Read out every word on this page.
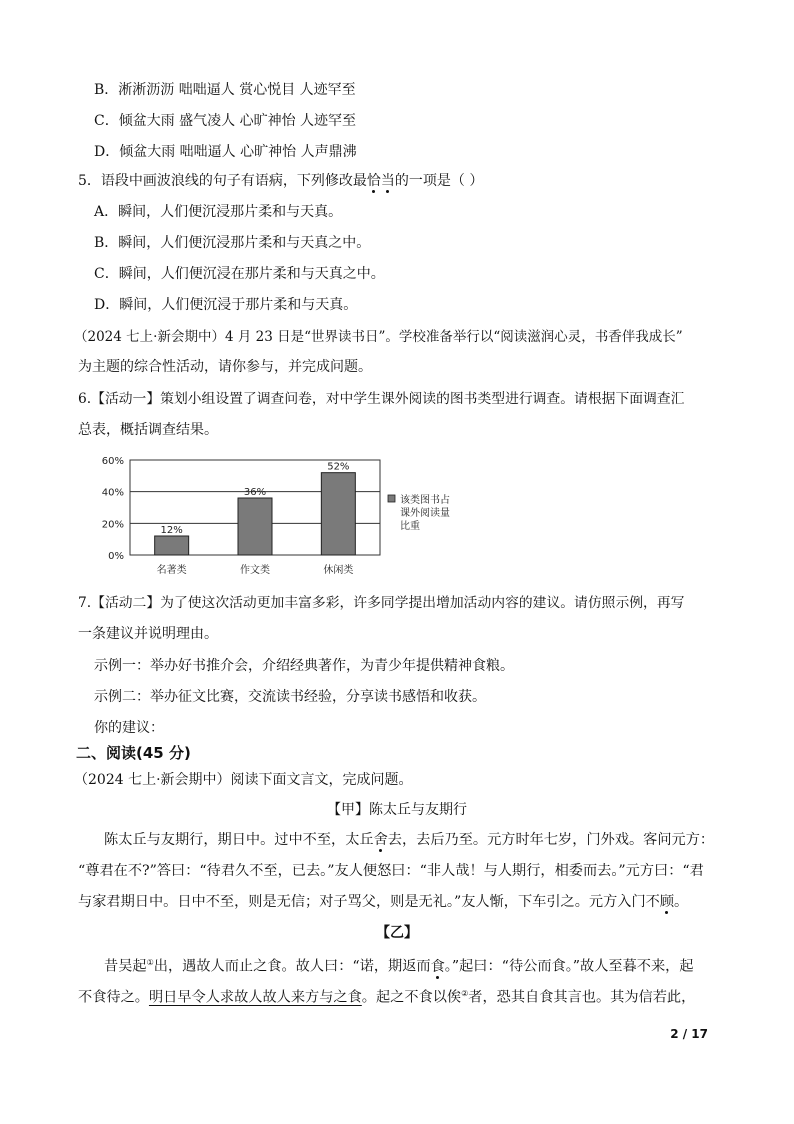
B．淅淅沥沥 咄咄逼人 赏心悦目 人迹罕至
C．倾盆大雨 盛气凌人 心旷神怡 人迹罕至
D．倾盆大雨 咄咄逼人 心旷神怡 人声鼎沸
5．语段中画波浪线的句子有语病，下列修改最恰当的一项是（ ）
A．瞬间，人们便沉浸那片柔和与天真。
B．瞬间，人们便沉浸那片柔和与天真之中。
C．瞬间，人们便沉浸在那片柔和与天真之中。
D．瞬间，人们便沉浸于那片柔和与天真。
（2024 七上·新会期中）4 月 23 日是“世界读书日”。学校准备举行以“阅读滋润心灵，书香伴我成长”
为主题的综合性活动，请你参与，并完成问题。
6.【活动一】策划小组设置了调查问卷，对中学生课外阅读的图书类型进行调查。请根据下面调查汇
总表，概括调查结果。
0%
20%
40%
60%
12%
名著类
36%
作文类
52%
休闲类
该类图书占
课外阅读量
比重
7.【活动二】为了使这次活动更加丰富多彩，许多同学提出增加活动内容的建议。请仿照示例，再写
一条建议并说明理由。
示例一：举办好书推介会，介绍经典著作，为青少年提供精神食粮。
示例二：举办征文比赛，交流读书经验，分享读书感悟和收获。
你的建议：
二、阅读(45 分)
（2024 七上·新会期中）阅读下面文言文，完成问题。
【甲】陈太丘与友期行
陈太丘与友期行，期日中。过中不至，太丘舍去，去后乃至。元方时年七岁，门外戏。客问元方：
“尊君在不?”答曰：“待君久不至，已去。”友人便怒曰：“非人哉！与人期行，相委而去。”元方曰：“君
与家君期日中。日中不至，则是无信；对子骂父，则是无礼。”友人惭，下车引之。元方入门不顾。
【乙】
昔吴起①出，遇故人而止之食。故人曰：“诺，期返而食。”起曰：“待公而食。”故人至暮不来，起
不食待之。明日早令人求故人故人来方与之食。起之不食以俟②者，恐其自食其言也。其为信若此，
2 / 17
